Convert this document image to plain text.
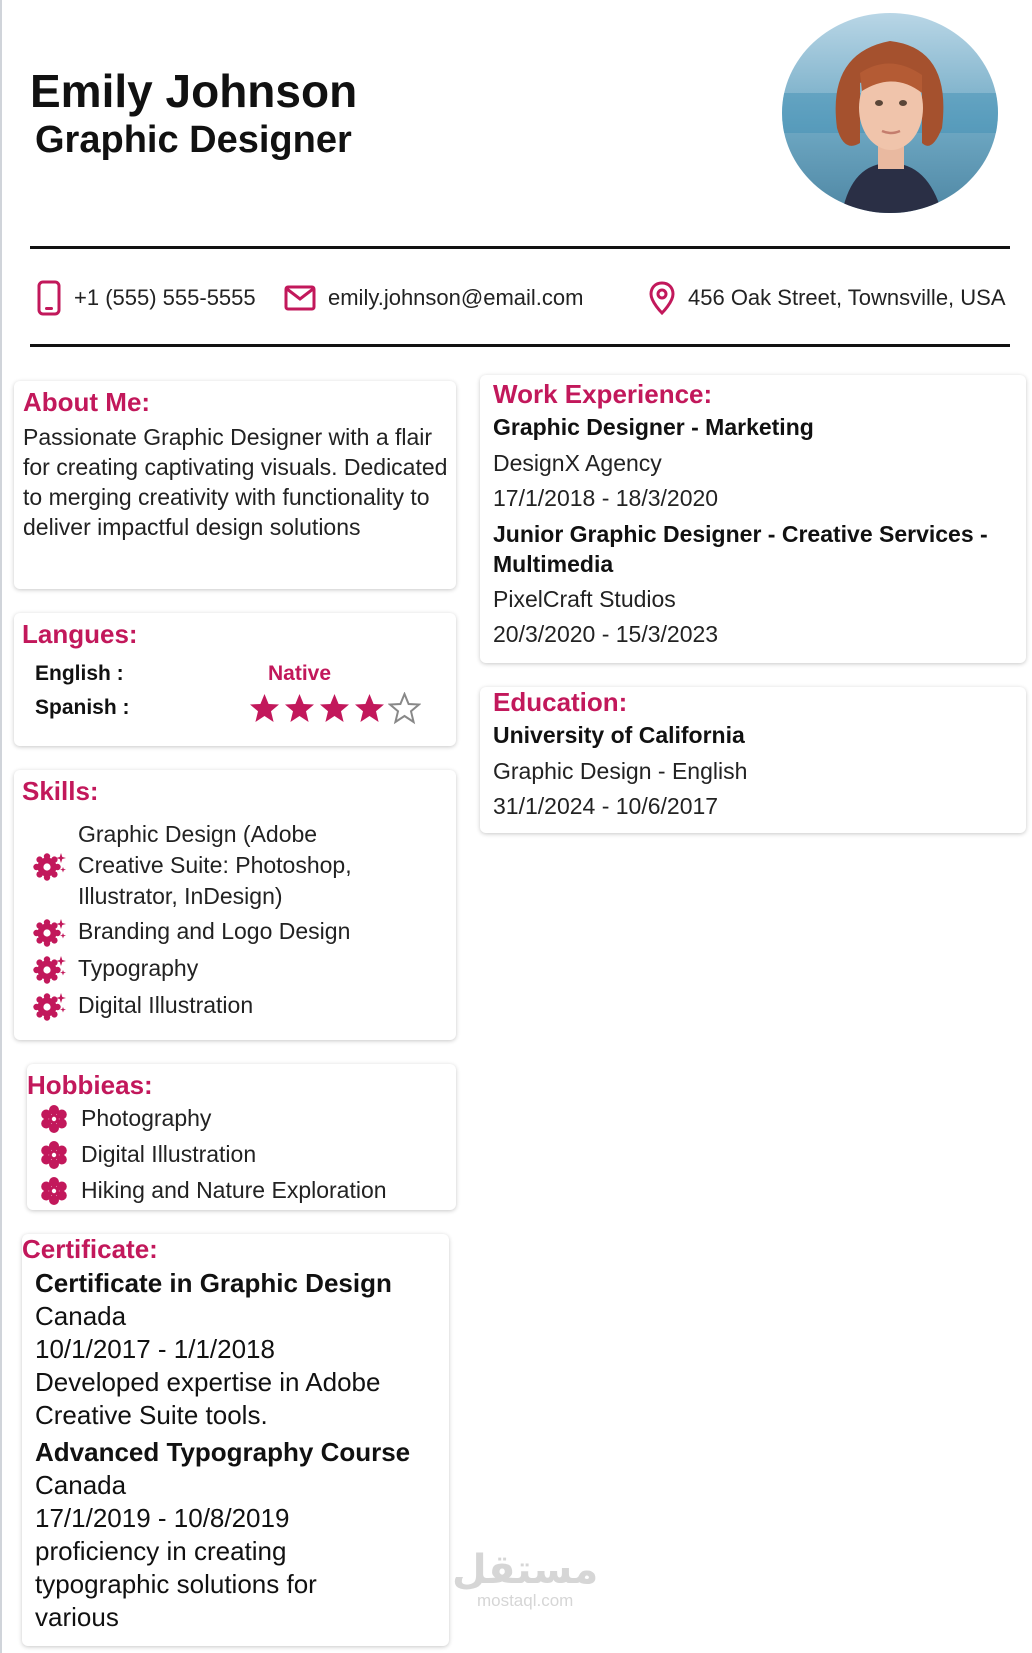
Emily Johnson
Graphic Designer
+1 (555) 555-5555	emily.johnson@email.com	456 Oak Street, Townsville, USA
About Me:
Passionate Graphic Designer with a flair for creating captivating visuals. Dedicated to merging creativity with functionality to deliver impactful design solutions
Langues:
English :	Native
Spanish :
Skills:
Graphic Design (Adobe Creative Suite: Photoshop, Illustrator, InDesign)
Branding and Logo Design
Typography
Digital Illustration
Hobbieas:
Photography
Digital Illustration
Hiking and Nature Exploration
Certificate:
Certificate in Graphic Design
Canada
10/1/2017 - 1/1/2018
Developed expertise in Adobe Creative Suite tools.
Advanced Typography Course
Canada
17/1/2019 - 10/8/2019
proficiency in creating typographic solutions for various
Work Experience:
Graphic Designer - Marketing
DesignX Agency
17/1/2018 - 18/3/2020
Junior Graphic Designer - Creative Services - Multimedia
PixelCraft Studios
20/3/2020 - 15/3/2023
Education:
University of California
Graphic Design - English
31/1/2024 - 10/6/2017
مستقل
mostaql.com
